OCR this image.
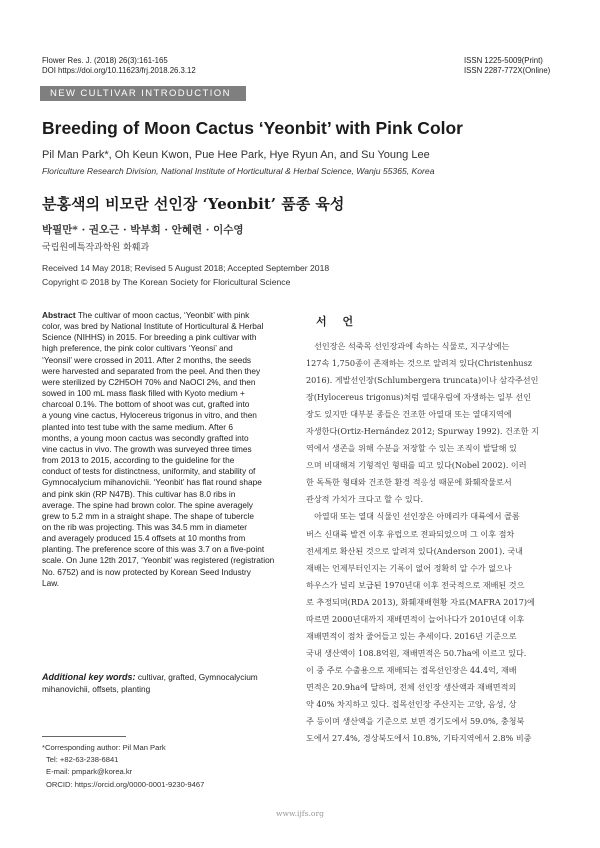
Flower Res. J. (2018) 26(3):161-165
DOI https://doi.org/10.11623/frj.2018.26.3.12
ISSN 1225-5009(Print)
ISSN 2287-772X(Online)
NEW CULTIVAR INTRODUCTION
Breeding of Moon Cactus ‘Yeonbit’ with Pink Color
Pil Man Park*, Oh Keun Kwon, Pue Hee Park, Hye Ryun An, and Su Young Lee
Floriculture Research Division, National Institute of Horticultural & Herbal Science, Wanju 55365, Korea
분홍색의 비모란 선인장 ‘Yeonbit’ 품종 육성
박필만* · 권오근 · 박부희 · 안혜련 · 이수영
국립원예특작과학원 화훼과
Received 14 May 2018; Revised 5 August 2018; Accepted September 2018
Copyright © 2018 by The Korean Society for Floricultural Science
Abstract The cultivar of moon cactus, ‘Yeonbit’ with pink
color, was bred by National Institute of Horticultural & Herbal
Science (NIHHS) in 2015. For breeding a pink cultivar with
high preference, the pink color cultivars ‘Yeonsi’ and
‘Yeonsil’ were crossed in 2011. After 2 months, the seeds
were harvested and separated from the peel. And then they
were sterilized by C2H5OH 70% and NaOCl 2%, and then
sowed in 100 mL mass flask filled with Kyoto medium +
charcoal 0.1%. The bottom of shoot was cut, grafted into
a young vine cactus, Hylocereus trigonus in vitro, and then
planted into test tube with the same medium. After 6
months, a young moon cactus was secondly grafted into
vine cactus in vivo. The growth was surveyed three times
from 2013 to 2015, according to the guideline for the
conduct of tests for distinctness, uniformity, and stability of
Gymnocalycium mihanovichii. ‘Yeonbit’ has flat round shape
and pink skin (RP N47B). This cultivar has 8.0 ribs in
average. The spine had brown color. The spine averagely
grew to 5.2 mm in a straight shape. The shape of tubercle
on the rib was projecting. This was 34.5 mm in diameter
and averagely produced 15.4 offsets at 10 months from
planting. The preference score of this was 3.7 on a five-point
scale. On June 12th 2017, ‘Yeonbit’ was registered (registration
No. 6752) and is now protected by Korean Seed Industry
Law.
Additional key words: cultivar, grafted, Gymnocalycium
mihanovichii, offsets, planting
*Corresponding author: Pil Man Park
Tel: +82-63-238-6841
E-mail: pmpark@korea.kr
ORCID: https://orcid.org/0000-0001-9230-9467
서 언
　선인장은 석죽목 선인장과에 속하는 식물로, 지구상에는
127속 1,750종이 존재하는 것으로 알려져 있다(Christenhusz
2016). 게발선인장(Schlumbergera truncata)이나 삼각주선인
장(Hylocereus trigonus)처럼 열대우림에 자생하는 일부 선인
장도 있지만 대부분 종들은 건조한 아열대 또는 열대지역에
자생한다(Ortiz-Hernández 2012; Spurway 1992). 건조한 지
역에서 생존을 위해 수분을 저장할 수 있는 조직이 발달해 있
으며 비대해져 기형적인 형태를 띠고 있다(Nobel 2002). 이러
한 독특한 형태와 건조한 환경 적응성 때문에 화훼작물로서
관상적 가치가 크다고 할 수 있다.
　아열대 또는 열대 식물인 선인장은 아메리카 대륙에서 콜롬
버스 신대륙 발견 이후 유럽으로 전파되었으며 그 이후 점차
전세계로 확산된 것으로 알려져 있다(Anderson 2001). 국내
재배는 언제부터인지는 기록이 없어 정확히 알 수가 없으나
하우스가 널리 보급된 1970년대 이후 전국적으로 재배된 것으
로 추정되며(RDA 2013), 화훼재배현황 자료(MAFRA 2017)에
따르면 2000년대까지 재배면적이 늘어나다가 2010년대 이후
재배면적이 점차 줄어들고 있는 추세이다. 2016년 기준으로
국내 생산액이 108.8억원, 재배면적은 50.7ha에 이르고 있다.
이 중 주로 수출용으로 재배되는 접목선인장은 44.4억, 재배
면적은 20.9ha에 달하며, 전체 선인장 생산액과 재배면적의
약 40% 차지하고 있다. 접목선인장 주산지는 고양, 음성, 상
주 등이며 생산액을 기준으로 보면 경기도에서 59.0%, 충청북
도에서 27.4%, 경상북도에서 10.8%, 기타지역에서 2.8% 비중
www.ijfs.org
